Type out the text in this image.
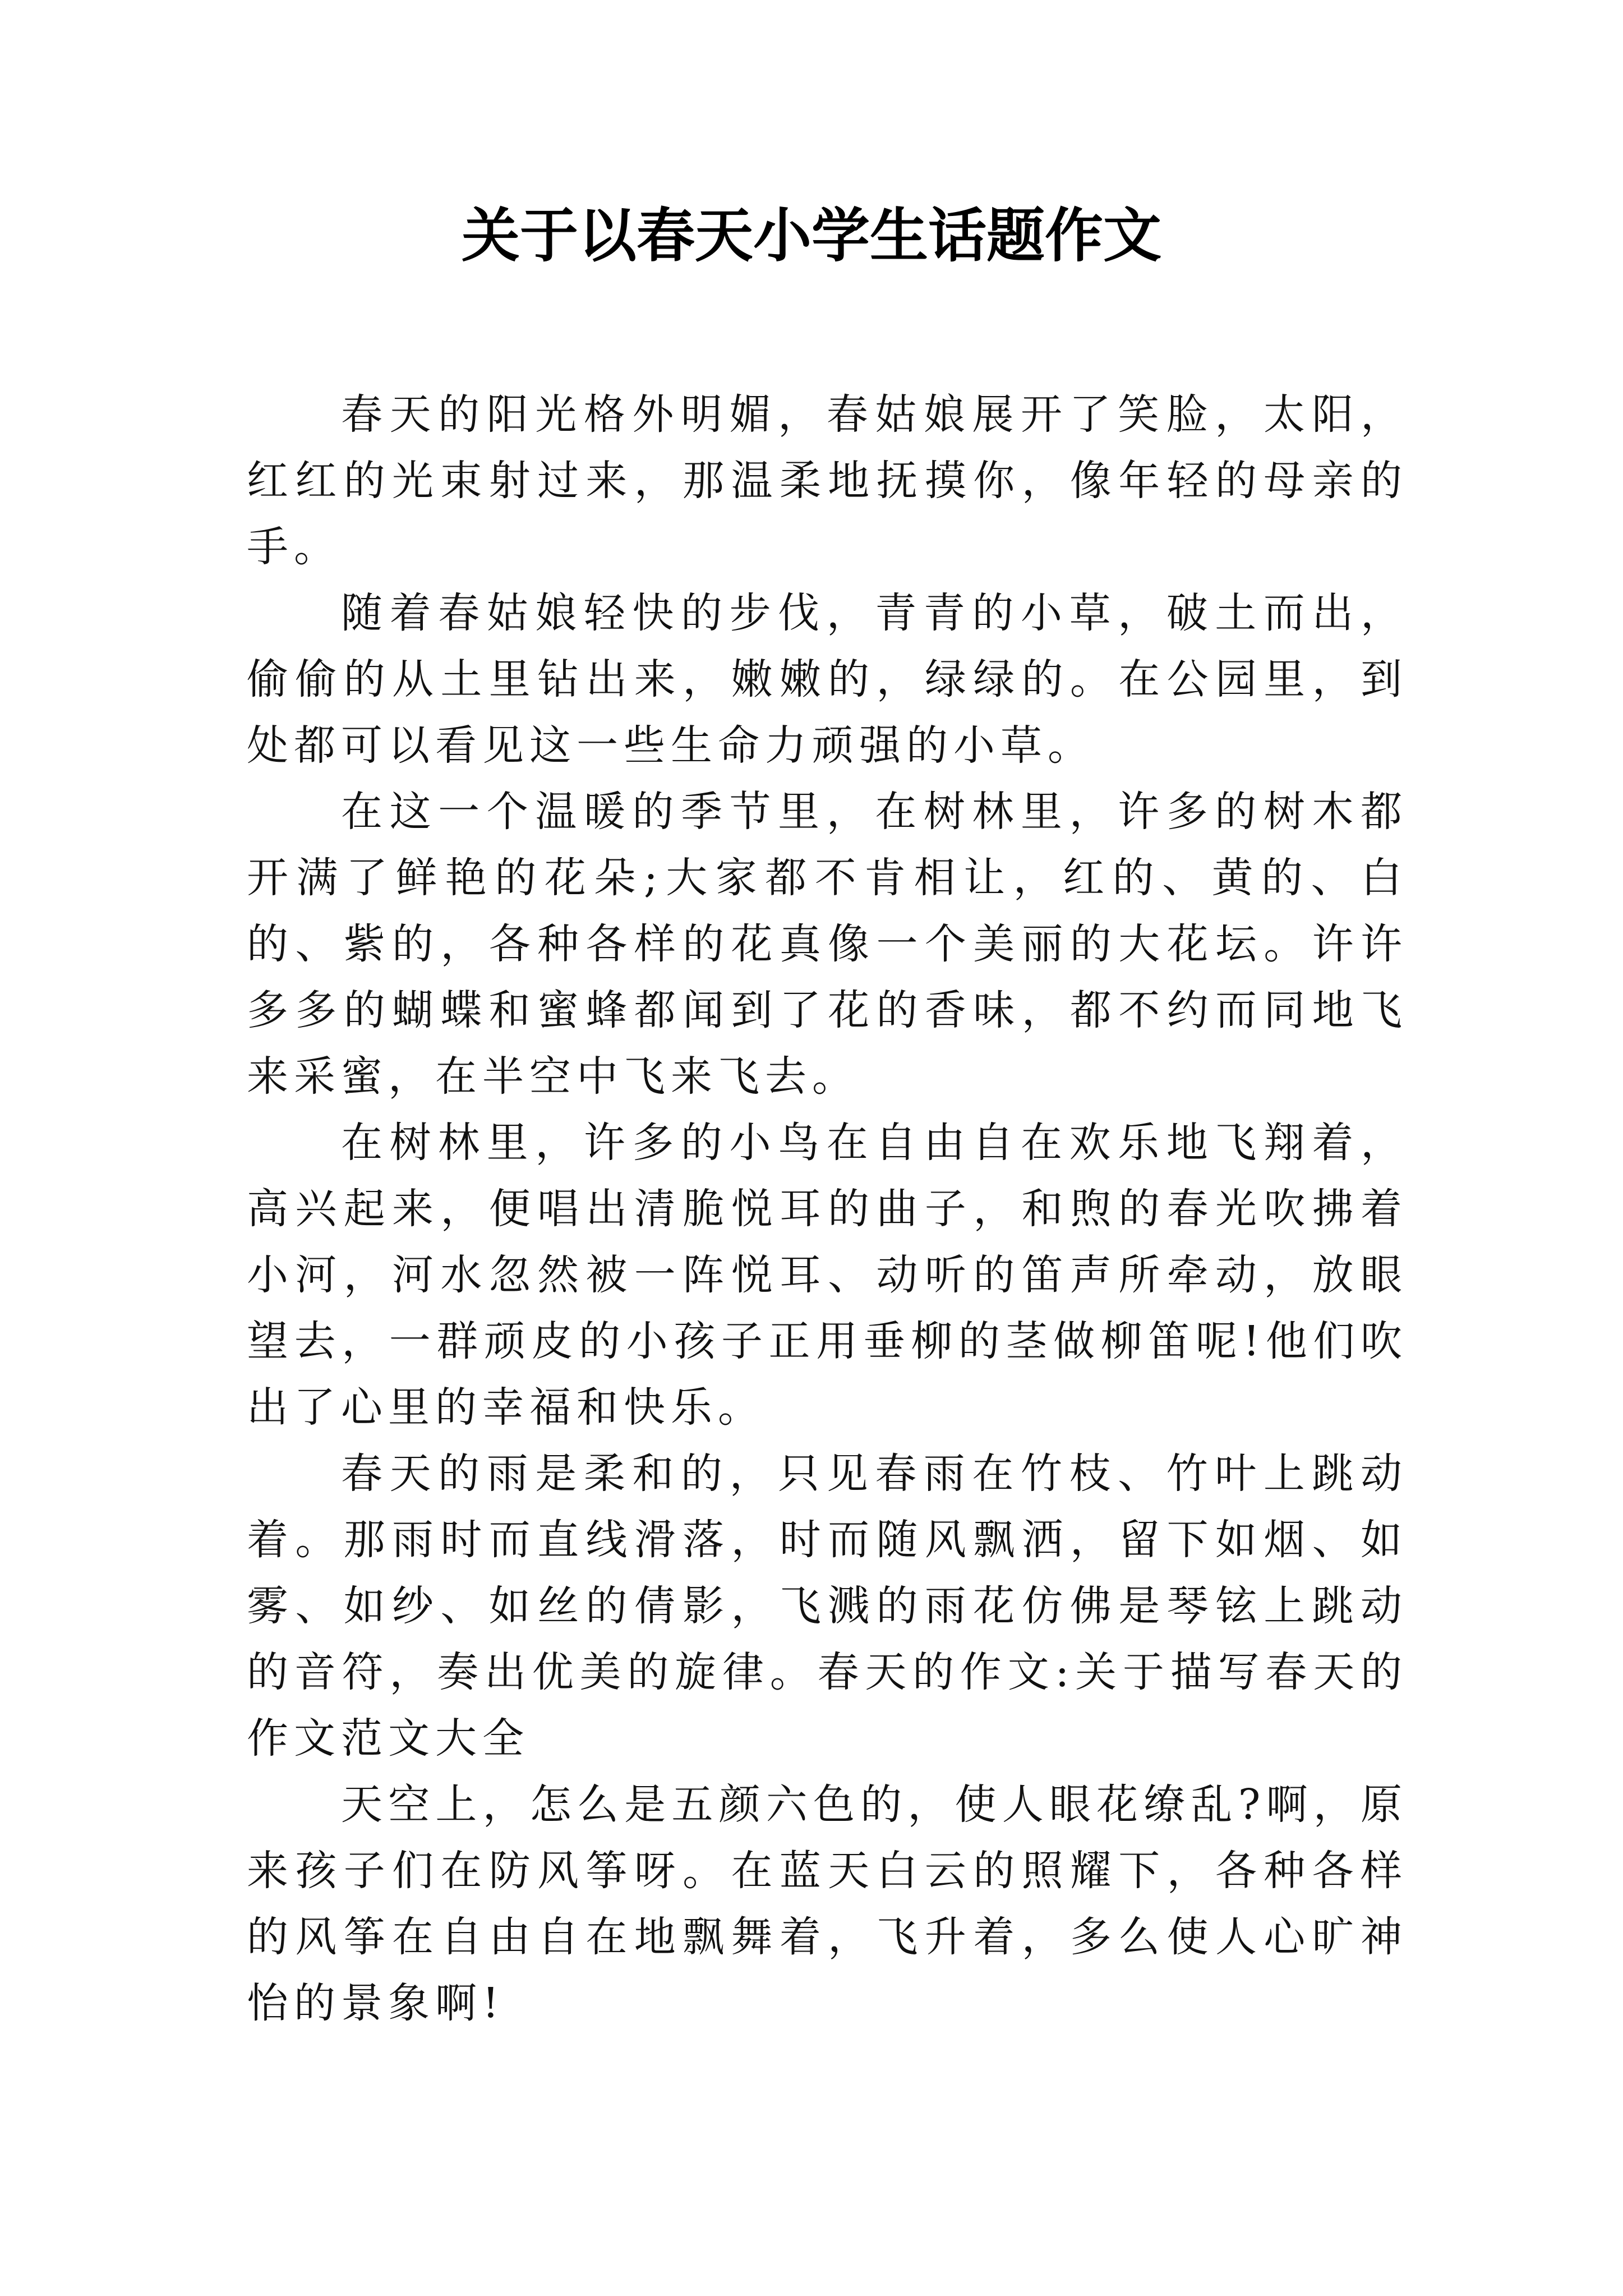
关于以春天小学生话题作文

春天的阳光格外明媚，春姑娘展开了笑脸，太阳，红红的光束射过来，那温柔地抚摸你，像年轻的母亲的手。

随着春姑娘轻快的步伐，青青的小草，破土而出，偷偷的从土里钻出来，嫩嫩的，绿绿的。在公园里，到处都可以看见这一些生命力顽强的小草。

在这一个温暖的季节里，在树林里，许多的树木都开满了鲜艳的花朵;大家都不肯相让，红的、黄的、白的、紫的，各种各样的花真像一个美丽的大花坛。许许多多的蝴蝶和蜜蜂都闻到了花的香味，都不约而同地飞来采蜜，在半空中飞来飞去。

在树林里，许多的小鸟在自由自在欢乐地飞翔着，高兴起来，便唱出清脆悦耳的曲子，和煦的春光吹拂着小河，河水忽然被一阵悦耳、动听的笛声所牵动，放眼望去，一群顽皮的小孩子正用垂柳的茎做柳笛呢!他们吹出了心里的幸福和快乐。

春天的雨是柔和的，只见春雨在竹枝、竹叶上跳动着。那雨时而直线滑落，时而随风飘洒，留下如烟、如雾、如纱、如丝的倩影，飞溅的雨花仿佛是琴铉上跳动的音符，奏出优美的旋律。春天的作文:关于描写春天的作文范文大全

天空上，怎么是五颜六色的，使人眼花缭乱?啊，原来孩子们在防风筝呀。在蓝天白云的照耀下，各种各样的风筝在自由自在地飘舞着，飞升着，多么使人心旷神怡的景象啊!
